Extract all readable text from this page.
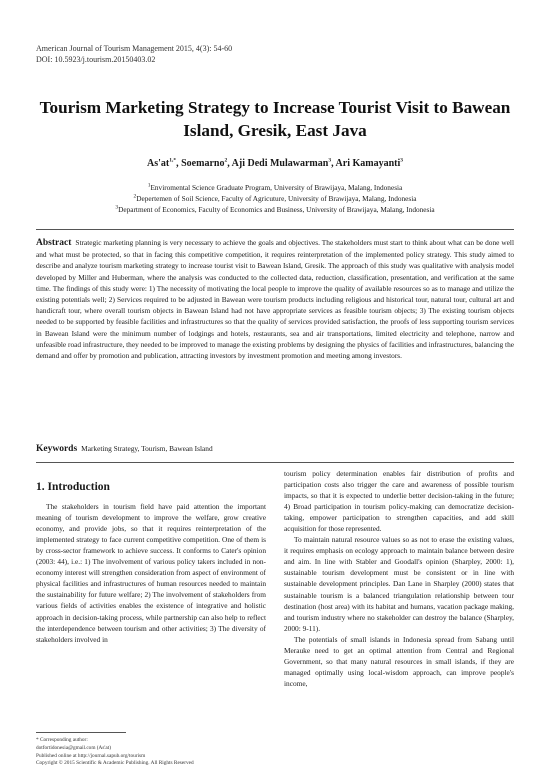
American Journal of Tourism Management 2015, 4(3): 54-60
DOI: 10.5923/j.tourism.20150403.02
Tourism Marketing Strategy to Increase Tourist Visit to Bawean Island, Gresik, East Java
$As'at^{1,*}$, Soemarno$^2$, Aji Dedi Mulawarman$^3$, Ari Kamayanti$^3$
$^1$Enviromental Science Graduate Program, University of Brawijaya, Malang, Indonesia
$^2$Depertemen of Soil Science, Faculty of Agricuture, University of Brawijaya, Malang, Indonesia
$^3$Department of Economics, Faculty of Economics and Business, University of Brawijaya, Malang, Indonesia

Abstract Strategic marketing planning is very necessary to achieve the goals and objectives. The stakeholders must start to think about what can be done well and what must be protected, so that in facing this competitive competition, it requires reinterpretation of the implemented policy strategy. This study aimed to describe and analyze tourism marketing strategy to increase tourist visit to Bawean Island, Gresik. The approach of this study was qualitative with analysis model developed by Miller and Huberman, where the analysis was conducted to the collected data, reduction, classification, presentation, and verification at the same time. The findings of this study were: 1) The necessity of motivating the local people to improve the quality of available resources so as to manage and utilize the existing potentials well; 2) Services required to be adjusted in Bawean were tourism products including religious and historical tour, natural tour, cultural art and handicraft tour, where overall tourism objects in Bawean Island had not have appropriate services as feasible tourism objects; 3) The existing tourism objects needed to be supported by feasible facilities and infrastructures so that the quality of services provided satisfaction, the proofs of less supporting tourism services in Bawean Island were the minimum number of lodgings and hotels, restaurants, sea and air transportations, limited electricity and telephone, narrow and unfeasible road infrastructure, they needed to be improved to manage the existing problems by designing the physics of facilities and infrastructures, balancing the demand and offer by promotion and publication, attracting investors by investment promotion and meeting among investors.

Keywords Marketing Strategy, Tourism, Bawean Island

1. Introduction

The stakeholders in tourism field have paid attention the important meaning of tourism development to improve the welfare, grow creative economy, and provide jobs, so that it requires reinterpretation of the implemented strategy to face current competitive competition. One of them is by cross-sector framework to achieve success. It conforms to Cater's opinion (2003: 44), i.e.: 1) The involvement of various policy takers included in non-economy interest will strengthen consideration from aspect of environment of physical facilities and infrastructures of human resources needed to maintain the sustainability for future welfare; 2) The involvement of stakeholders from various fields of activities enables the existence of integrative and holistic approach in decision-taking process, while partnership can also help to reflect the interdependence between tourism and other activities; 3) The diversity of stakeholders involved in

tourism policy determination enables fair distribution of profits and participation costs also trigger the care and awareness of possible tourism impacts, so that it is expected to underlie better decision-taking in the future; 4) Broad participation in tourism policy-making can democratize decision-taking, empower participation to strengthen capacities, and add skill acquisition for those represented.

To maintain natural resource values so as not to erase the existing values, it requires emphasis on ecology approach to maintain balance between desire and aim. In line with Stabler and Goodall's opinion (Sharpley, 2000: 1), sustainable tourism development must be consistent or in line with sustainable development principles. Dan Lane in Sharpley (2000) states that sustainable tourism is a balanced triangulation relationship between tour destination (host area) with its habitat and humans, vacation package making, and tourism industry where no stakeholder can destroy the balance (Sharpley, 2000: 9-11).

The potentials of small islands in Indonesia spread from Sabang until Merauke need to get an optimal attention from Central and Regional Government, so that many natural resources in small islands, if they are managed optimally using local-wisdom approach, can improve people's income,

* Corresponding author:
dotfortidonesia@gmail.com (As'at)
Published online at http://journal.sapub.org/tourism
Copyright © 2015 Scientific & Academic Publishing. All Rights Reserved
